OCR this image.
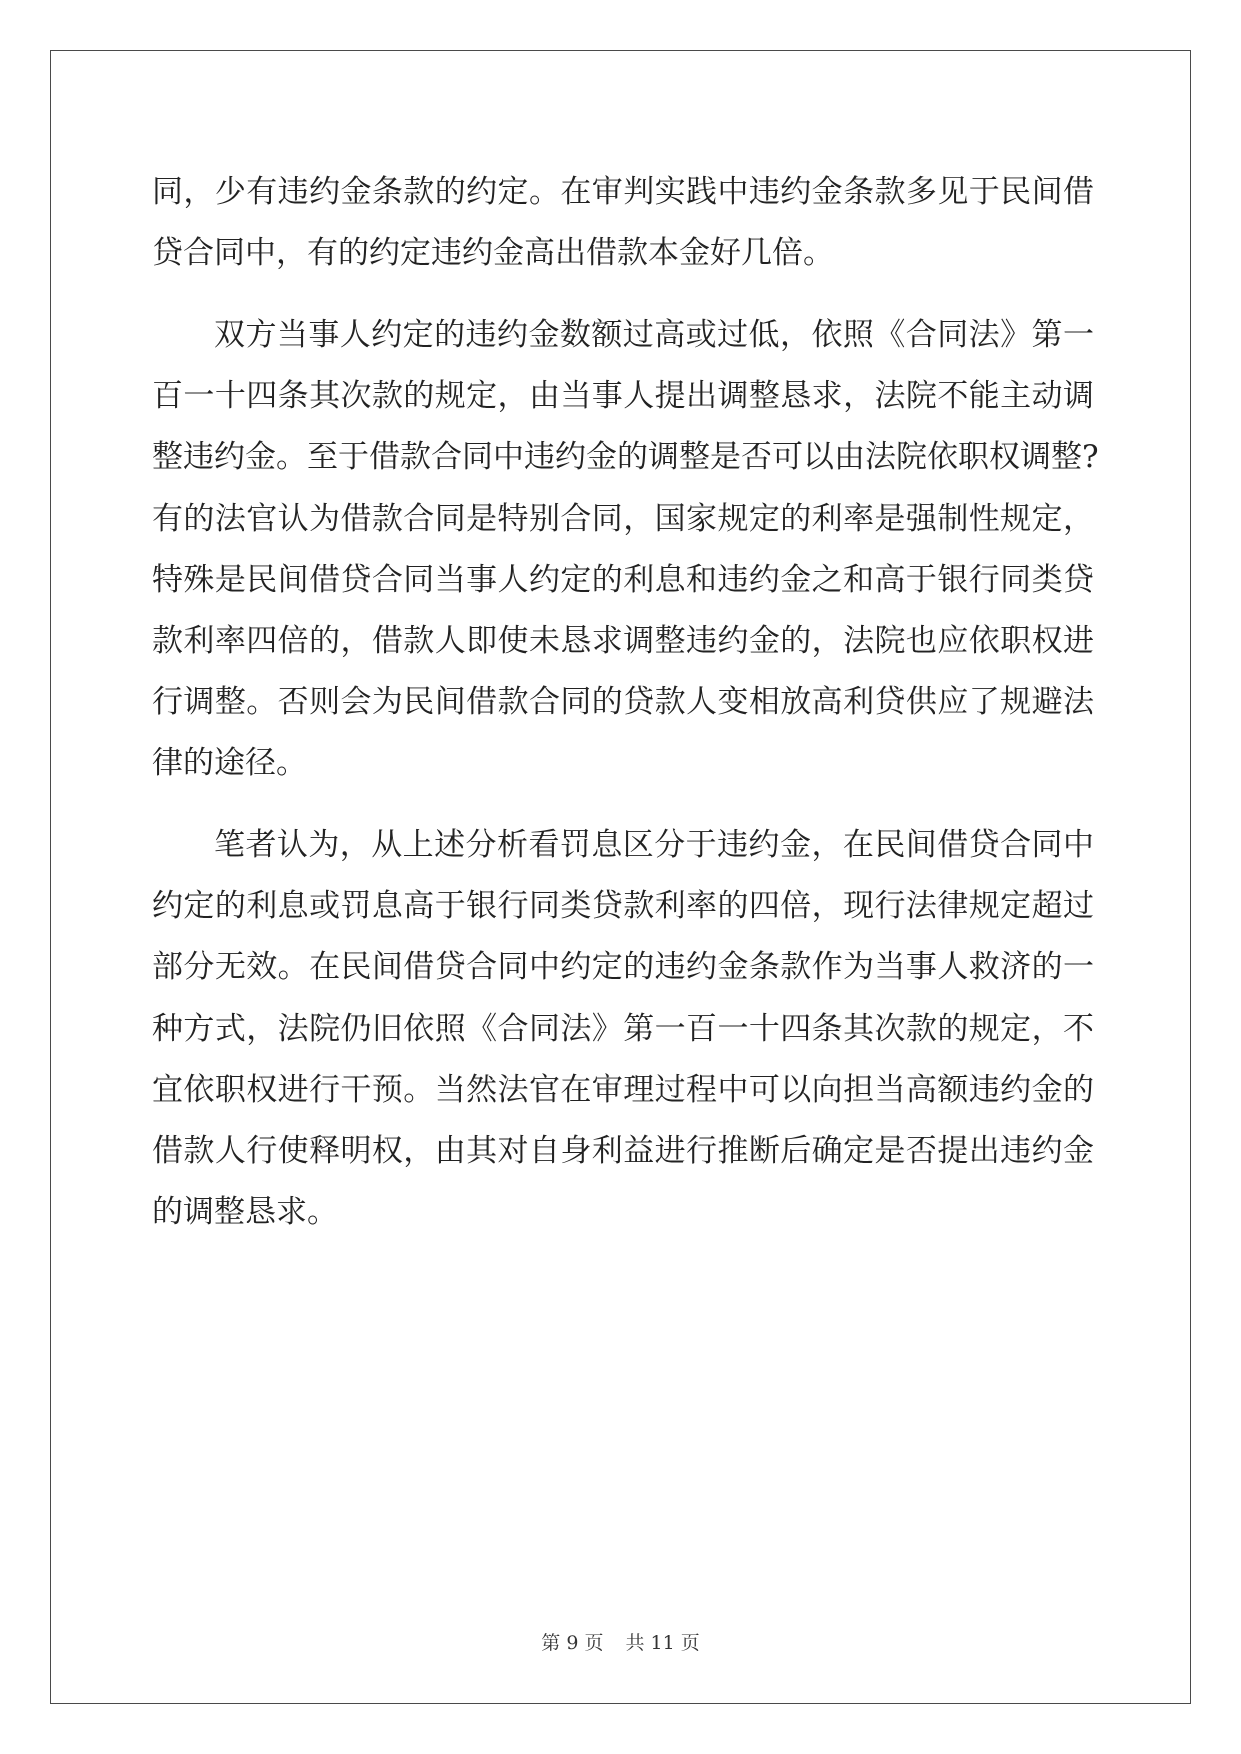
同，少有违约金条款的约定。在审判实践中违约金条款多见于民间借
贷合同中，有的约定违约金高出借款本金好几倍。
双方当事人约定的违约金数额过高或过低，依照《合同法》第一
百一十四条其次款的规定，由当事人提出调整恳求，法院不能主动调
整违约金。至于借款合同中违约金的调整是否可以由法院依职权调整?
有的法官认为借款合同是特别合同，国家规定的利率是强制性规定，
特殊是民间借贷合同当事人约定的利息和违约金之和高于银行同类贷
款利率四倍的，借款人即使未恳求调整违约金的，法院也应依职权进
行调整。否则会为民间借款合同的贷款人变相放高利贷供应了规避法
律的途径。
笔者认为，从上述分析看罚息区分于违约金，在民间借贷合同中
约定的利息或罚息高于银行同类贷款利率的四倍，现行法律规定超过
部分无效。在民间借贷合同中约定的违约金条款作为当事人救济的一
种方式，法院仍旧依照《合同法》第一百一十四条其次款的规定，不
宜依职权进行干预。当然法官在审理过程中可以向担当高额违约金的
借款人行使释明权，由其对自身利益进行推断后确定是否提出违约金
的调整恳求。
第 9 页 共 11 页
